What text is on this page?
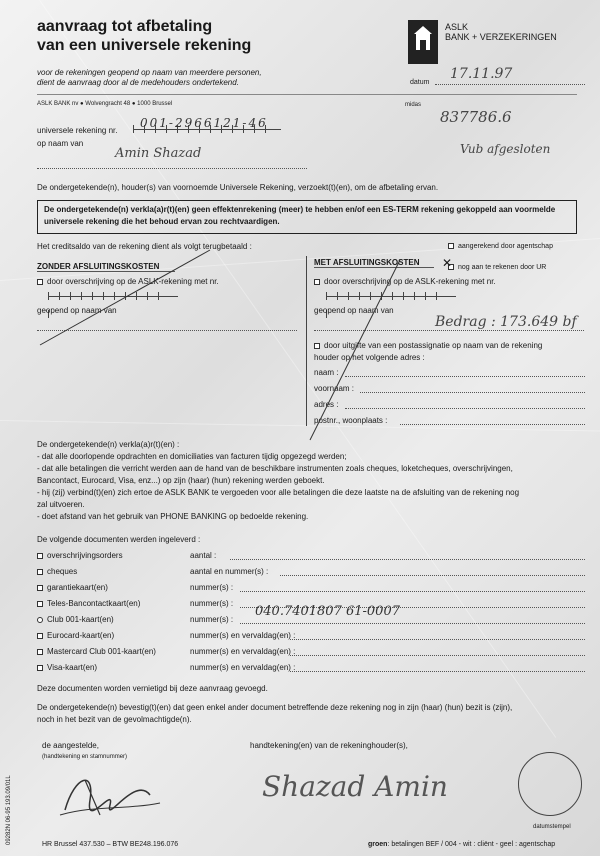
aanvraag tot afbetaling
van een universele rekening
voor de rekeningen geopend op naam van meerdere personen,
dient de aanvraag door al de medehouders ondertekend.
ASLK
BANK + VERZEKERINGEN
datum
17.11.97
ASLK BANK nv ● Wolvengracht 48 ● 1000 Brussel	midas
837786.6
Vub afgesloten
universele rekening nr.
001-2966121-46
op naam van
Amin Shazad
De ondergetekende(n), houder(s) van voornoemde Universele Rekening, verzoekt(t)(en), om de afbetaling ervan.
De ondergetekende(n) verkla(a)r(t)(en) geen effektenrekening (meer) te hebben en/of een ES-TERM rekening gekoppeld aan voormelde universele rekening die het behoud ervan zou rechtvaardigen.
Het creditsaldo van de rekening dient als volgt terugbetaald :	aangerekend door agentschap
nog aan te rekenen door UR
✕
ZONDER AFSLUITINGSKOSTEN	MET AFSLUITINGSKOSTEN
door overschrijving op de ASLK-rekening met nr.
geopend op naam van
door overschrijving op de ASLK-rekening met nr.
geopend op naam van
Bedrag : 173.649 bf
door uitgifte van een postassignatie op naam van de rekening
houder op het volgende adres :
naam :
voornaam :
adres :
postnr., woonplaats :
De ondergetekende(n) verkla(a)r(t)(en) :
- dat alle doorlopende opdrachten en domiciliaties van facturen tijdig opgezegd werden;
- dat alle betalingen die verricht werden aan de hand van de beschikbare instrumenten zoals cheques, loketcheques, overschrijvingen,
Bancontact, Eurocard, Visa, enz...) op zijn (haar) (hun) rekening werden geboekt.
- hij (zij) verbind(t)(en) zich ertoe de ASLK BANK te vergoeden voor alle betalingen die deze laatste na de afsluiting van de rekening nog
zal uitvoeren.
- doet afstand van het gebruik van PHONE BANKING op bedoelde rekening.
De volgende documenten werden ingeleverd :
overschrijvingsorders	aantal :
cheques	aantal en nummer(s) :
garantiekaart(en)	nummer(s) :
Teles-Bancontactkaart(en)	nummer(s) :
Club 001-kaart(en)	nummer(s) :
040.7401807 61-0007
Eurocard-kaart(en)	nummer(s) en vervaldag(en) :
Mastercard Club 001-kaart(en)	nummer(s) en vervaldag(en) :
Visa-kaart(en)	nummer(s) en vervaldag(en) :
Deze documenten worden vernietigd bij deze aanvraag gevoegd.
De ondergetekende(n) bevestig(t)(en) dat geen enkel ander document betreffende deze rekening nog in zijn (haar) (hun) bezit is (zijn),
noch in het bezit van de gevolmachtigde(n).
de aangestelde,
(handtekening en stamnummer)
handtekening(en) van de rekeninghouder(s),
Shazad Amin
datumstempel
HR Brussel 437.530 – BTW BE248.196.076	groen: betalingen BEF / 004 - wit : cliënt - geel : agentschap
09282N 06-95 193.09/01L
